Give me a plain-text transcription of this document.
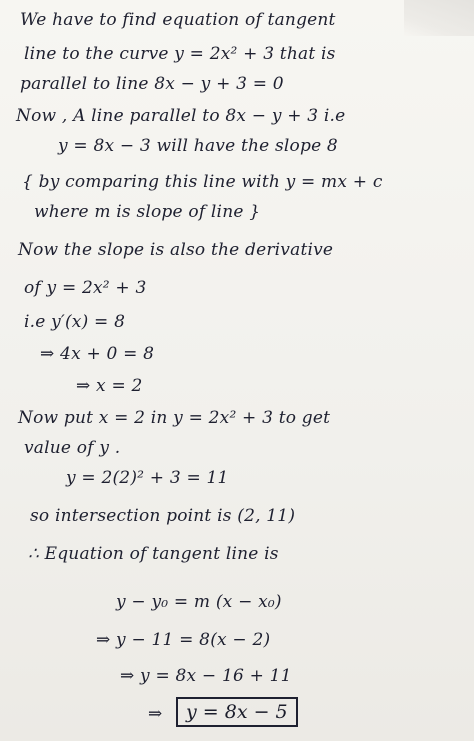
We have to find equation of tangent
line to the curve y = 2x² + 3 that is
parallel to line 8x − y + 3 = 0
Now , A line parallel to 8x − y + 3 i.e
y = 8x − 3 will have the slope 8
{ by comparing this line with y = mx + c
where m is slope of line }
Now the slope is also the derivative
of y = 2x² + 3
i.e y′(x) = 8
⇒ 4x + 0 = 8
⇒ x = 2
Now put x = 2 in y = 2x² + 3 to get
value of y .
y = 2(2)² + 3 = 11
so intersection point is (2, 11)
∴ Equation of tangent line is
y − y₀ = m (x − x₀)
⇒ y − 11 = 8(x − 2)
⇒ y = 8x − 16 + 11
⇒	y = 8x − 5
